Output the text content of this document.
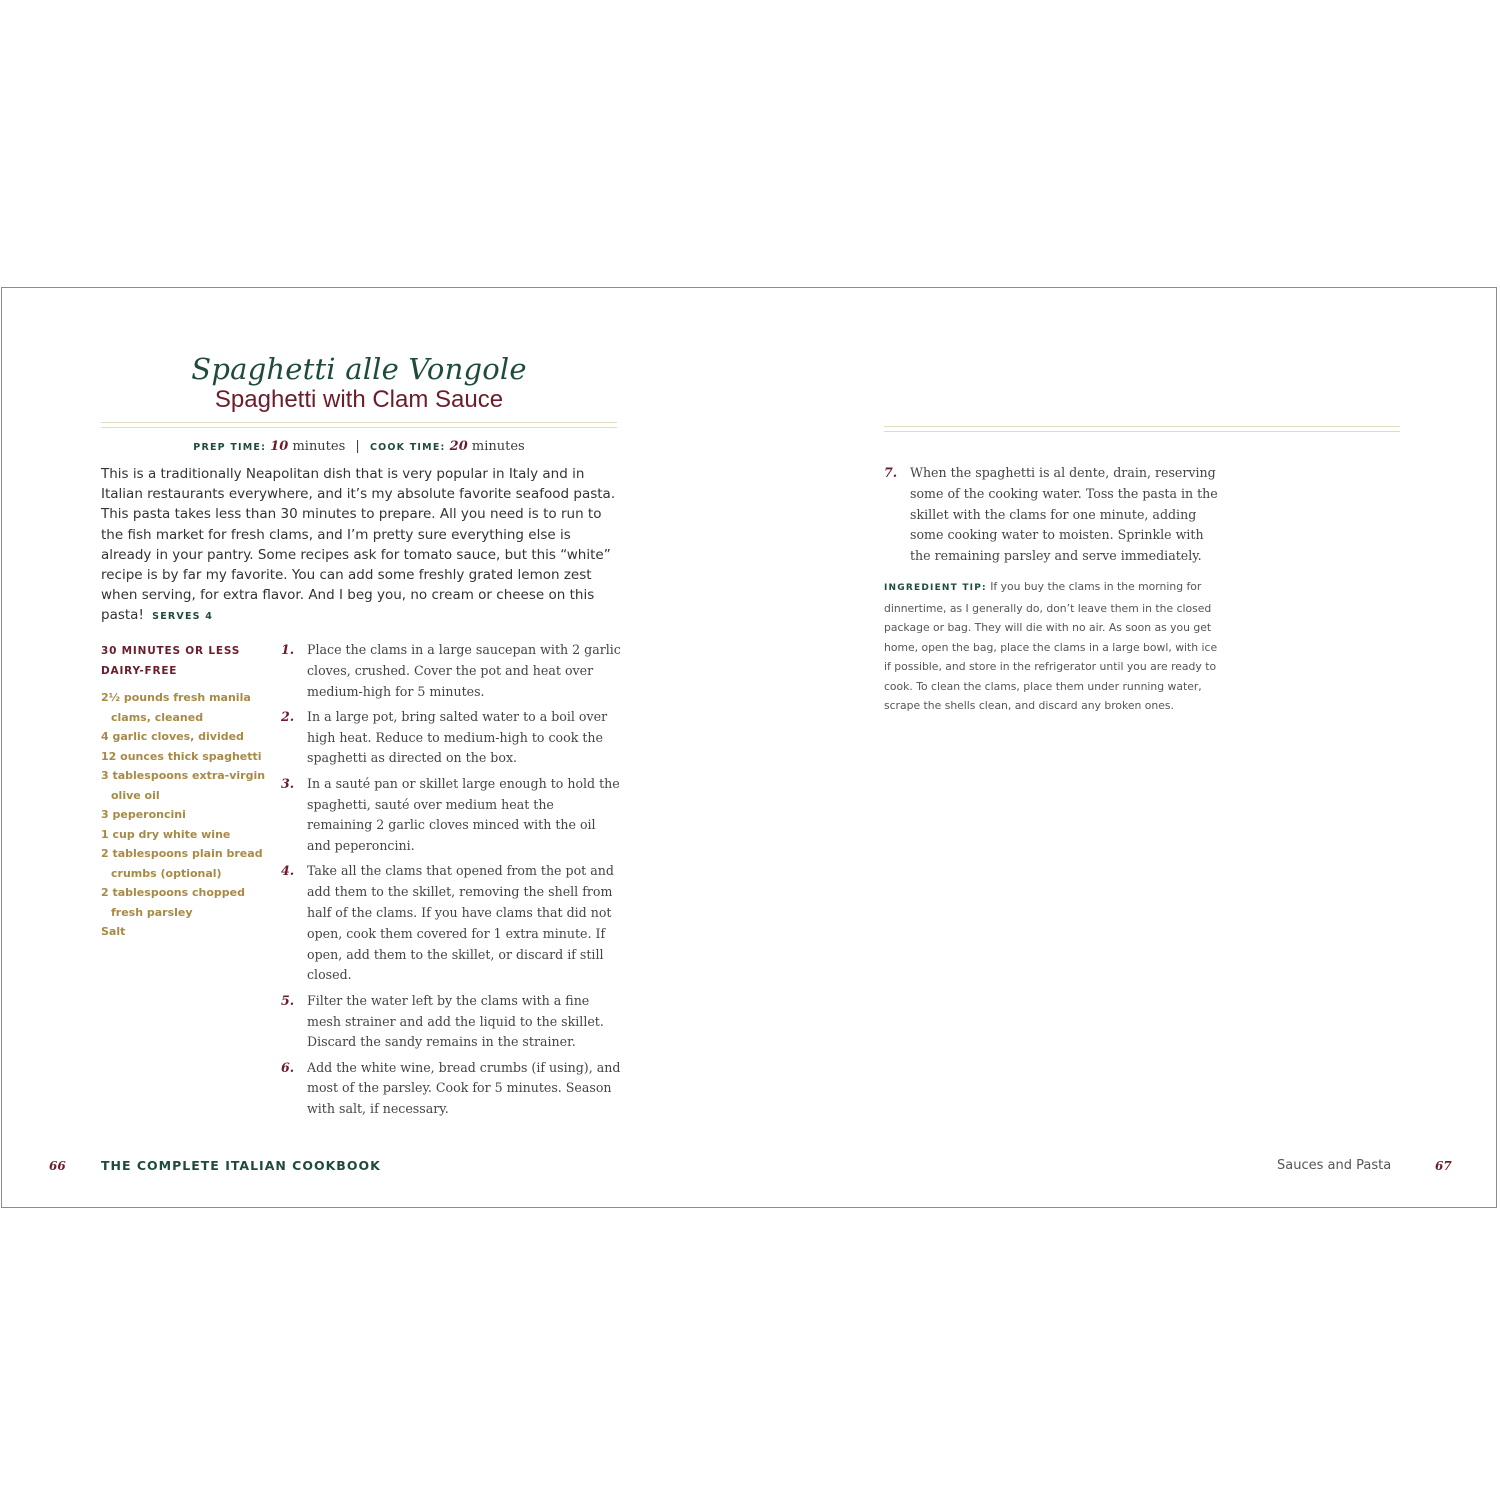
Spaghetti alle Vongole
Spaghetti with Clam Sauce
PREP TIME: 10 minutes | COOK TIME: 20 minutes
This is a traditionally Neapolitan dish that is very popular in Italy and in Italian restaurants everywhere, and it’s my absolute favorite seafood pasta. This pasta takes less than 30 minutes to prepare. All you need is to run to the fish market for fresh clams, and I’m pretty sure everything else is already in your pantry. Some recipes ask for tomato sauce, but this “white” recipe is by far my favorite. You can add some freshly grated lemon zest when serving, for extra flavor. And I beg you, no cream or cheese on this pasta! SERVES 4
30 MINUTES OR LESS
DAIRY-FREE
2½ pounds fresh manila clams, cleaned
4 garlic cloves, divided
12 ounces thick spaghetti
3 tablespoons extra-virgin olive oil
3 peperoncini
1 cup dry white wine
2 tablespoons plain bread crumbs (optional)
2 tablespoons chopped fresh parsley
Salt
1.	Place the clams in a large saucepan with 2 garlic cloves, crushed. Cover the pot and heat over medium-high for 5 minutes.
2.	In a large pot, bring salted water to a boil over high heat. Reduce to medium-high to cook the spaghetti as directed on the box.
3.	In a sauté pan or skillet large enough to hold the spaghetti, sauté over medium heat the remaining 2 garlic cloves minced with the oil and peperoncini.
4.	Take all the clams that opened from the pot and add them to the skillet, removing the shell from half of the clams. If you have clams that did not open, cook them covered for 1 extra minute. If open, add them to the skillet, or discard if still closed.
5.	Filter the water left by the clams with a fine mesh strainer and add the liquid to the skillet. Discard the sandy remains in the strainer.
6.	Add the white wine, bread crumbs (if using), and most of the parsley. Cook for 5 minutes. Season with salt, if necessary.
7.	When the spaghetti is al dente, drain, reserving some of the cooking water. Toss the pasta in the skillet with the clams for one minute, adding some cooking water to moisten. Sprinkle with the remaining parsley and serve immediately.
INGREDIENT TIP: If you buy the clams in the morning for dinnertime, as I generally do, don’t leave them in the closed package or bag. They will die with no air. As soon as you get home, open the bag, place the clams in a large bowl, with ice if possible, and store in the refrigerator until you are ready to cook. To clean the clams, place them under running water, scrape the shells clean, and discard any broken ones.
66	THE COMPLETE ITALIAN COOKBOOK	Sauces and Pasta	67
